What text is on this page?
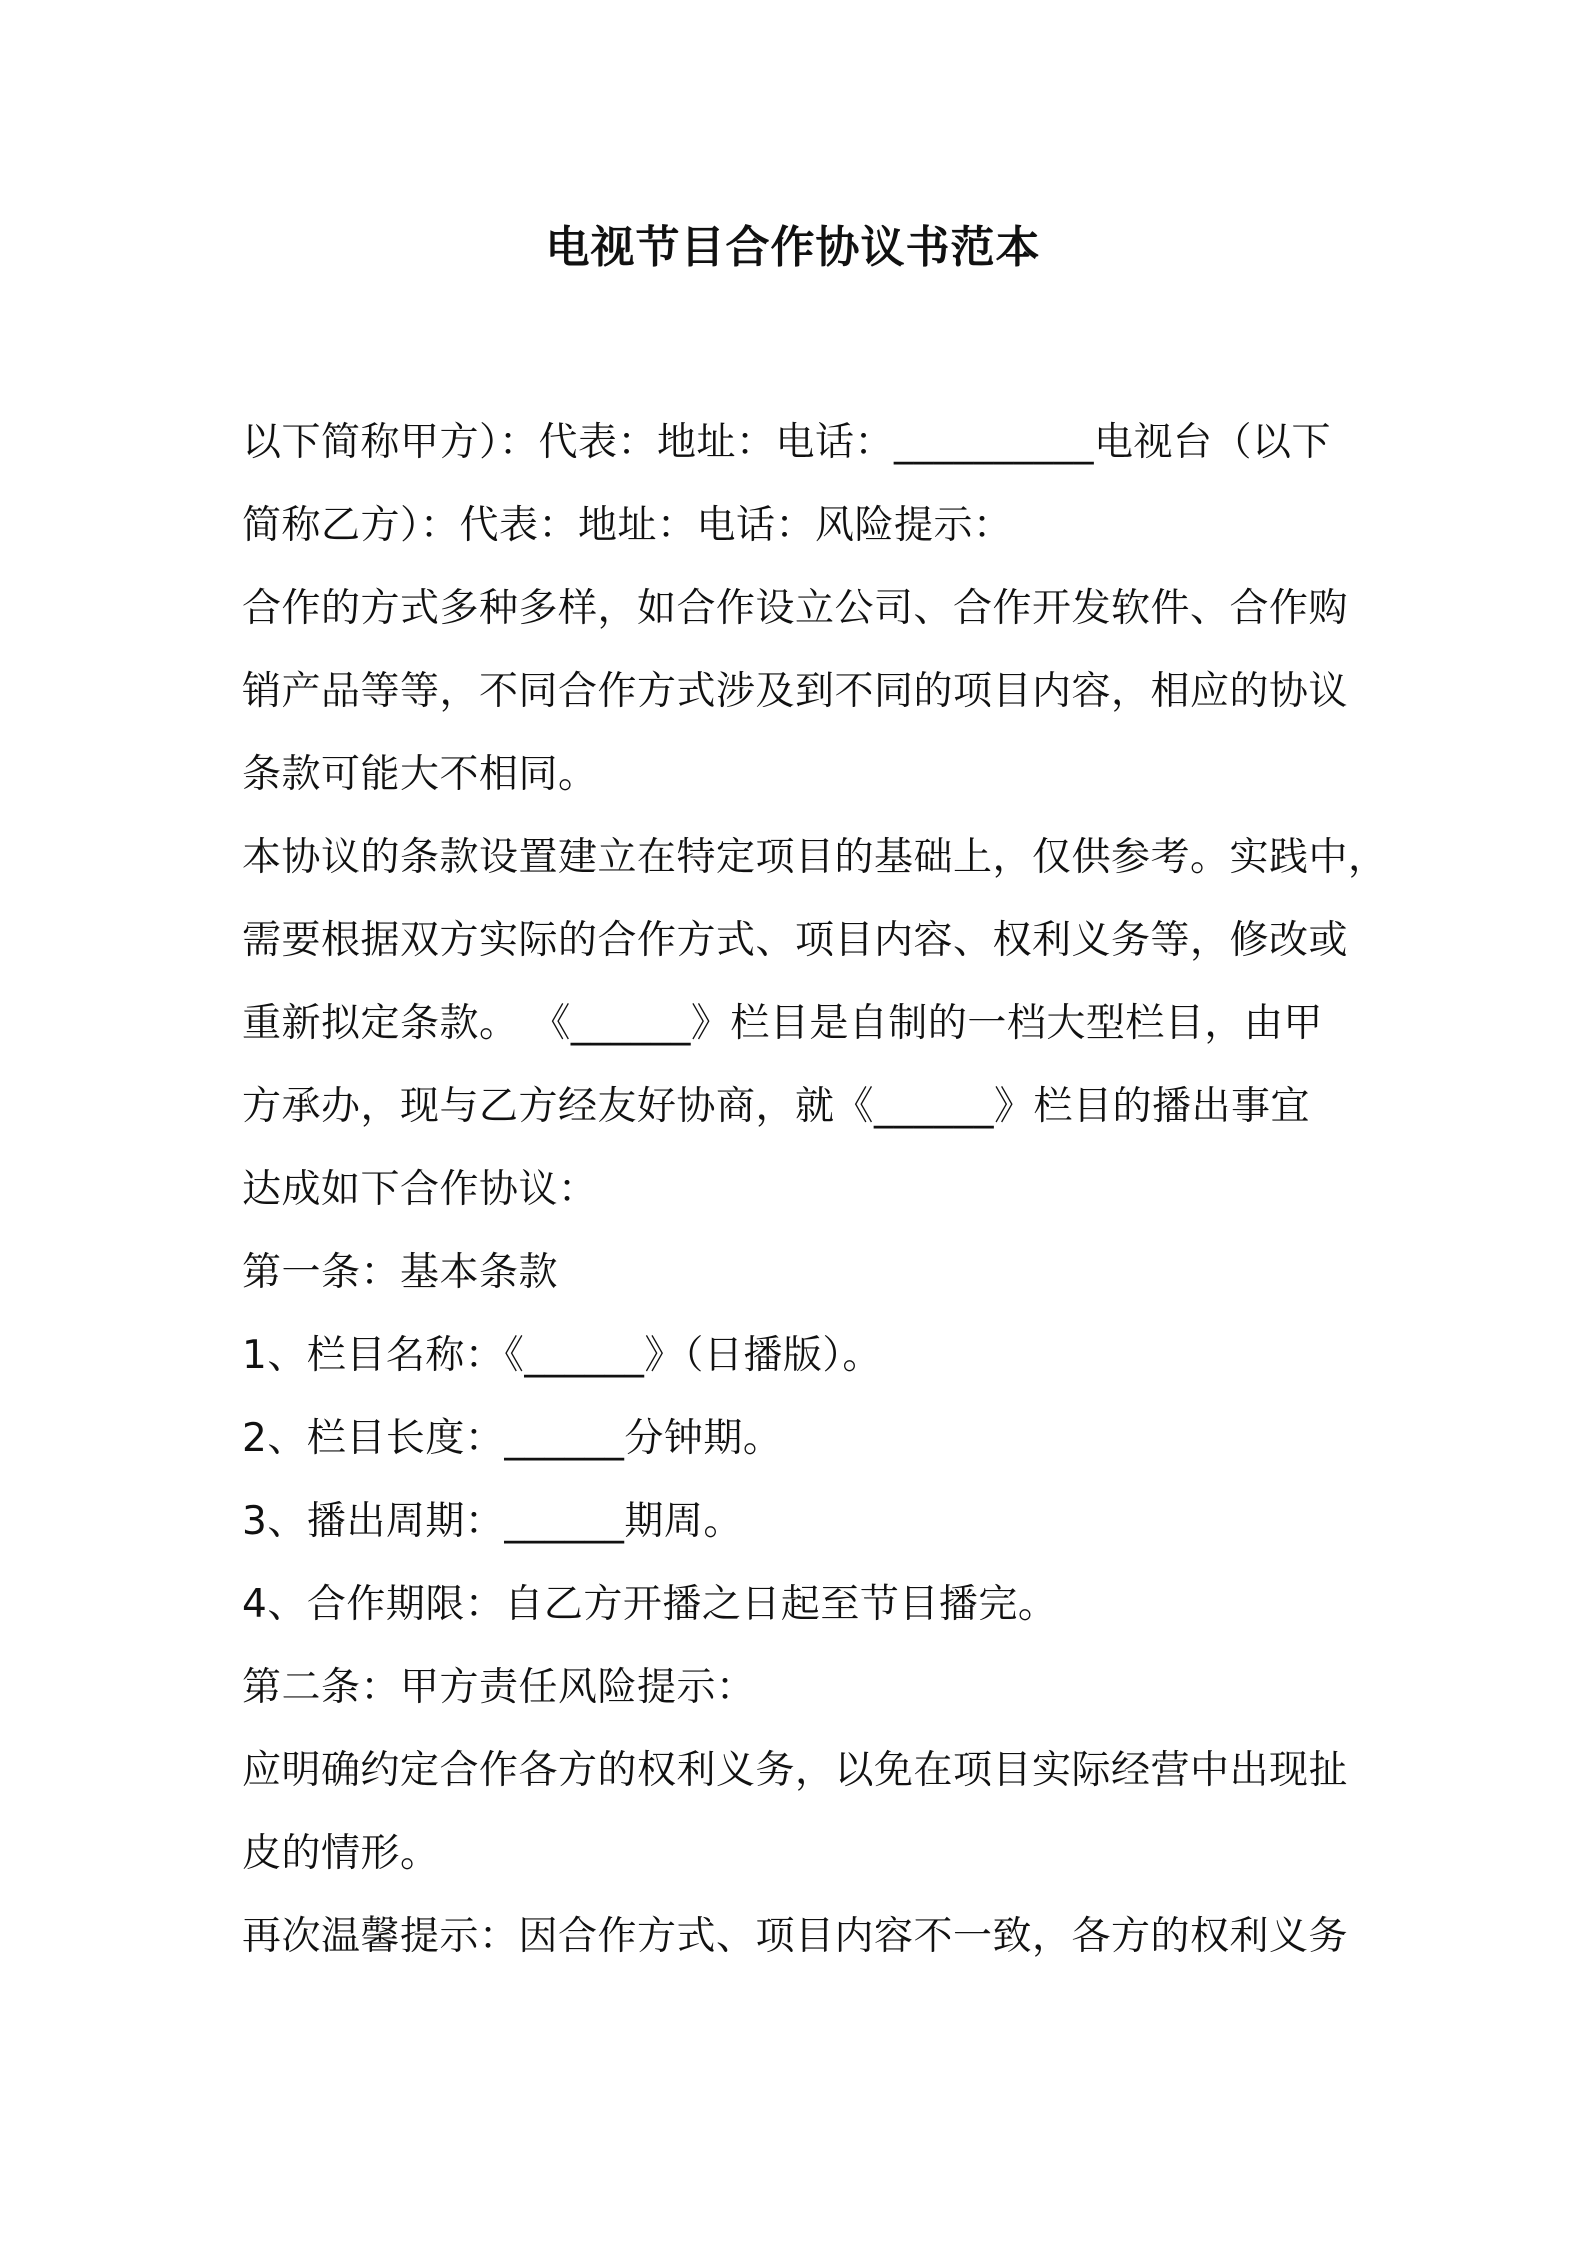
电视节目合作协议书范本
以下简称甲方）：代表：地址：电话：__________电视台（以下
简称乙方）：代表：地址：电话：风险提示：
合作的方式多种多样，如合作设立公司、合作开发软件、合作购
销产品等等，不同合作方式涉及到不同的项目内容，相应的协议
条款可能大不相同。
本协议的条款设置建立在特定项目的基础上，仅供参考。实践中，
需要根据双方实际的合作方式、项目内容、权利义务等，修改或
重新拟定条款。 《______》栏目是自制的一档大型栏目，由甲
方承办，现与乙方经友好协商，就《______》栏目的播出事宜
达成如下合作协议：
第一条：基本条款
1、栏目名称：《______》（日播版）。
2、栏目长度：______分钟期。
3、播出周期：______期周。
4、合作期限：自乙方开播之日起至节目播完。
第二条：甲方责任风险提示：
应明确约定合作各方的权利义务，以免在项目实际经营中出现扯
皮的情形。
再次温馨提示：因合作方式、项目内容不一致，各方的权利义务
